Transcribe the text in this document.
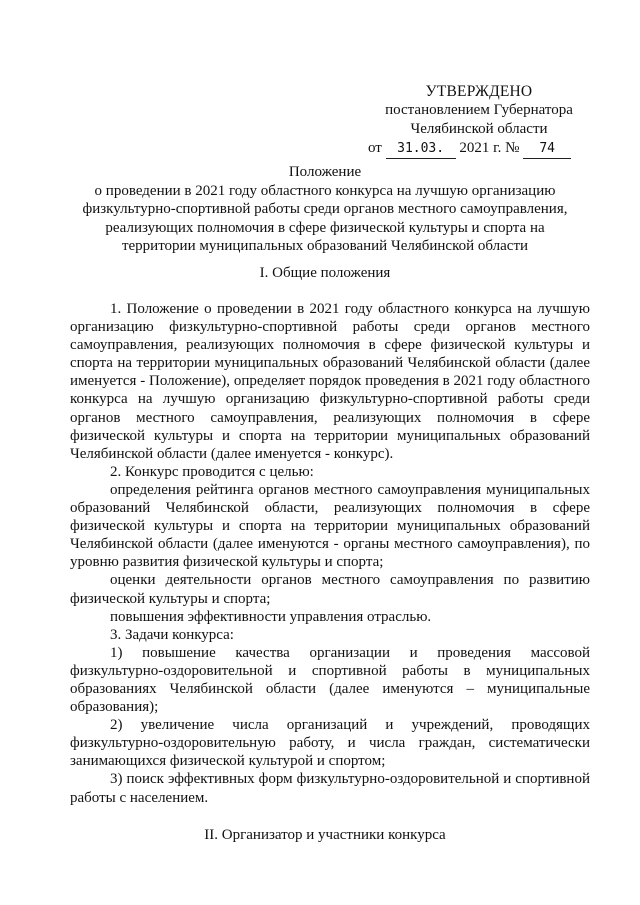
УТВЕРЖДЕНО
постановлением Губернатора
Челябинской области
от 31.03. 2021 г. № 74
Положение
о проведении в 2021 году областного конкурса на лучшую организацию
физкультурно-спортивной работы среди органов местного самоуправления,
реализующих полномочия в сфере физической культуры и спорта на
территории муниципальных образований Челябинской области
I. Общие положения

1. Положение о проведении в 2021 году областного конкурса на лучшую организацию физкультурно-спортивной работы среди органов местного самоуправления, реализующих полномочия в сфере физической культуры и спорта на территории муниципальных образований Челябинской области (далее именуется - Положение), определяет порядок проведения в 2021 году областного конкурса на лучшую организацию физкультурно-спортивной работы среди органов местного самоуправления, реализующих полномочия в сфере физической культуры и спорта на территории муниципальных образований Челябинской области (далее именуется - конкурс).

2. Конкурс проводится с целью:

определения рейтинга органов местного самоуправления муниципальных образований Челябинской области, реализующих полномочия в сфере физической культуры и спорта на территории муниципальных образований Челябинской области (далее именуются - органы местного самоуправления), по уровню развития физической культуры и спорта;

оценки деятельности органов местного самоуправления по развитию физической культуры и спорта;

повышения эффективности управления отраслью.

3. Задачи конкурса:

1) повышение качества организации и проведения массовой физкультурно-оздоровительной и спортивной работы в муниципальных образованиях Челябинской области (далее именуются – муниципальные образования);

2) увеличение числа организаций и учреждений, проводящих физкультурно-оздоровительную работу, и числа граждан, систематически занимающихся физической культурой и спортом;

3) поиск эффективных форм физкультурно-оздоровительной и спортивной работы с населением.

II. Организатор и участники конкурса
